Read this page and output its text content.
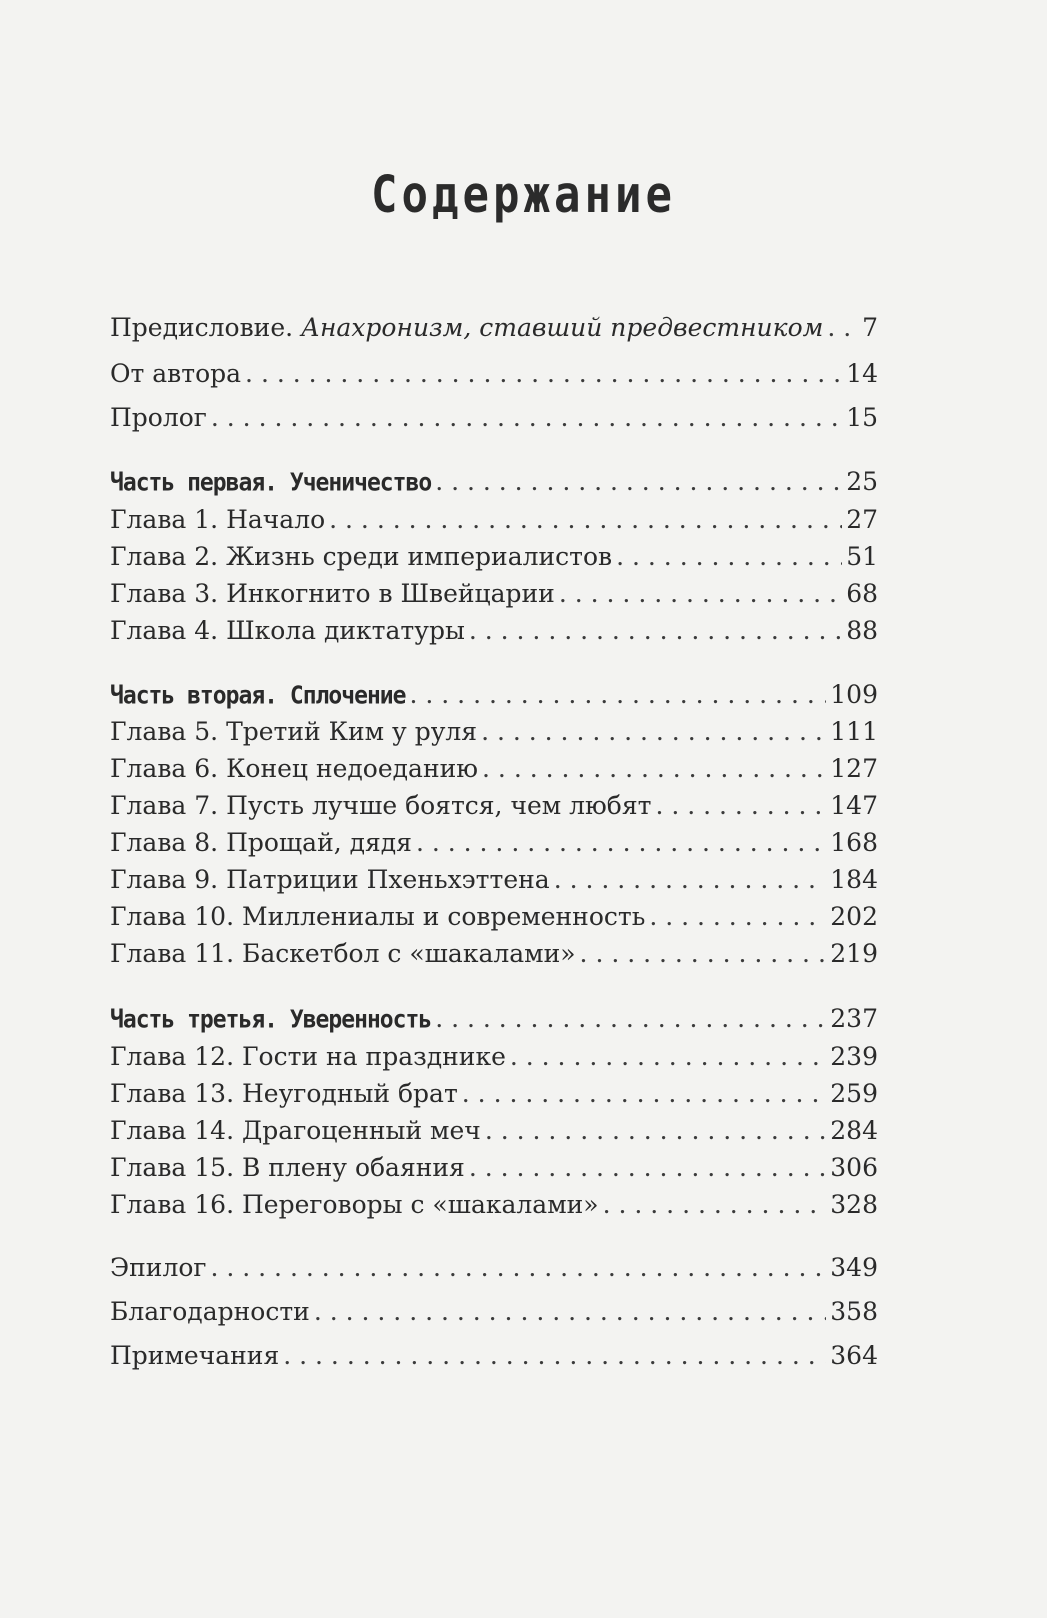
Содержание
Предисловие. Анахронизм, ставший предвестником . . . 7
От автора . . .	14
Пролог . . .	15
Часть первая. Ученичество . . .	25
Глава 1. Начало . . .	27
Глава 2. Жизнь среди империалистов . . .	51
Глава 3. Инкогнито в Швейцарии . . .	68
Глава 4. Школа диктатуры . . .	88
Часть вторая. Сплочение . . .	109
Глава 5. Третий Ким у руля . . .	111
Глава 6. Конец недоеданию . . .	127
Глава 7. Пусть лучше боятся, чем любят . . .	147
Глава 8. Прощай, дядя . . .	168
Глава 9. Патриции Пхеньхэттена . . .	184
Глава 10. Миллениалы и современность . . .	202
Глава 11. Баскетбол с «шакалами» . . .	219
Часть третья. Уверенность . . .	237
Глава 12. Гости на празднике . . .	239
Глава 13. Неугодный брат . . .	259
Глава 14. Драгоценный меч . . .	284
Глава 15. В плену обаяния . . .	306
Глава 16. Переговоры с «шакалами» . . .	328
Эпилог . . .	349
Благодарности . . .	358
Примечания . . .	364
